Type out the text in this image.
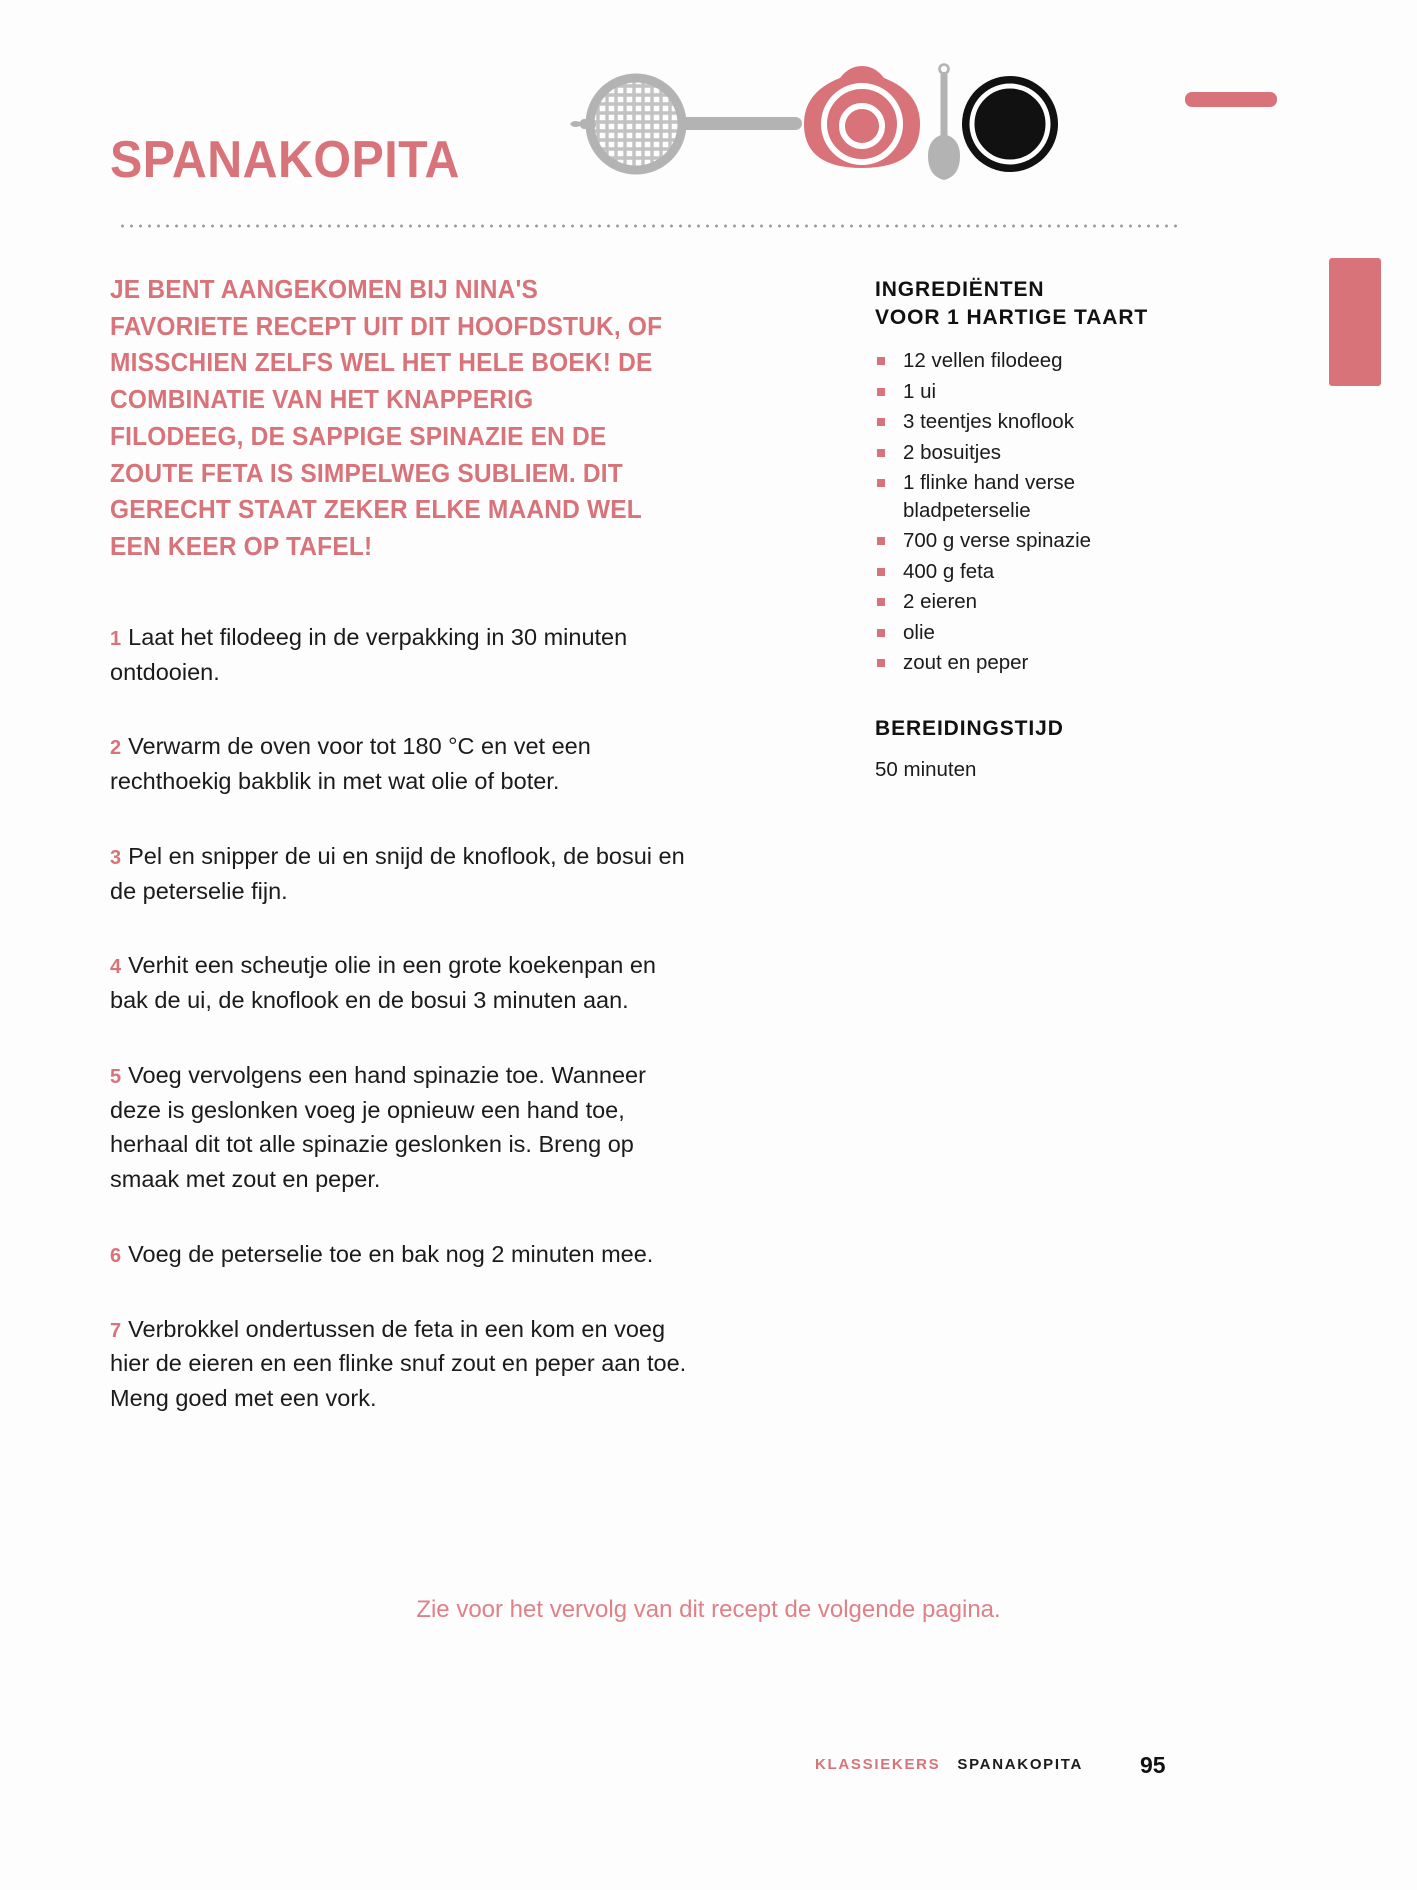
SPANAKOPITA

JE BENT AANGEKOMEN BIJ NINA'S FAVORIETE RECEPT UIT DIT HOOFDSTUK, OF MISSCHIEN ZELFS WEL HET HELE BOEK! DE COMBINATIE VAN HET KNAPPERIG FILODEEG, DE SAPPIGE SPINAZIE EN DE ZOUTE FETA IS SIMPELWEG SUBLIEM. DIT GERECHT STAAT ZEKER ELKE MAAND WEL EEN KEER OP TAFEL!

1 Laat het filodeeg in de verpakking in 30 minuten ontdooien.

2 Verwarm de oven voor tot 180 °C en vet een rechthoekig bakblik in met wat olie of boter.

3 Pel en snipper de ui en snijd de knoflook, de bosui en de peterselie fijn.

4 Verhit een scheutje olie in een grote koekenpan en bak de ui, de knoflook en de bosui 3 minuten aan.

5 Voeg vervolgens een hand spinazie toe. Wanneer deze is geslonken voeg je opnieuw een hand toe, herhaal dit tot alle spinazie geslonken is. Breng op smaak met zout en peper.

6 Voeg de peterselie toe en bak nog 2 minuten mee.

7 Verbrokkel ondertussen de feta in een kom en voeg hier de eieren en een flinke snuf zout en peper aan toe. Meng goed met een vork.

INGREDIËNTEN
VOOR 1 HARTIGE TAART
12 vellen filodeeg
1 ui
3 teentjes knoflook
2 bosuitjes
1 flinke hand verse bladpeterselie
700 g verse spinazie
400 g feta
2 eieren
olie
zout en peper
BEREIDINGSTIJD

50 minuten

Zie voor het vervolg van dit recept de volgende pagina.
KLASSIEKERS SPANAKOPITA 95
